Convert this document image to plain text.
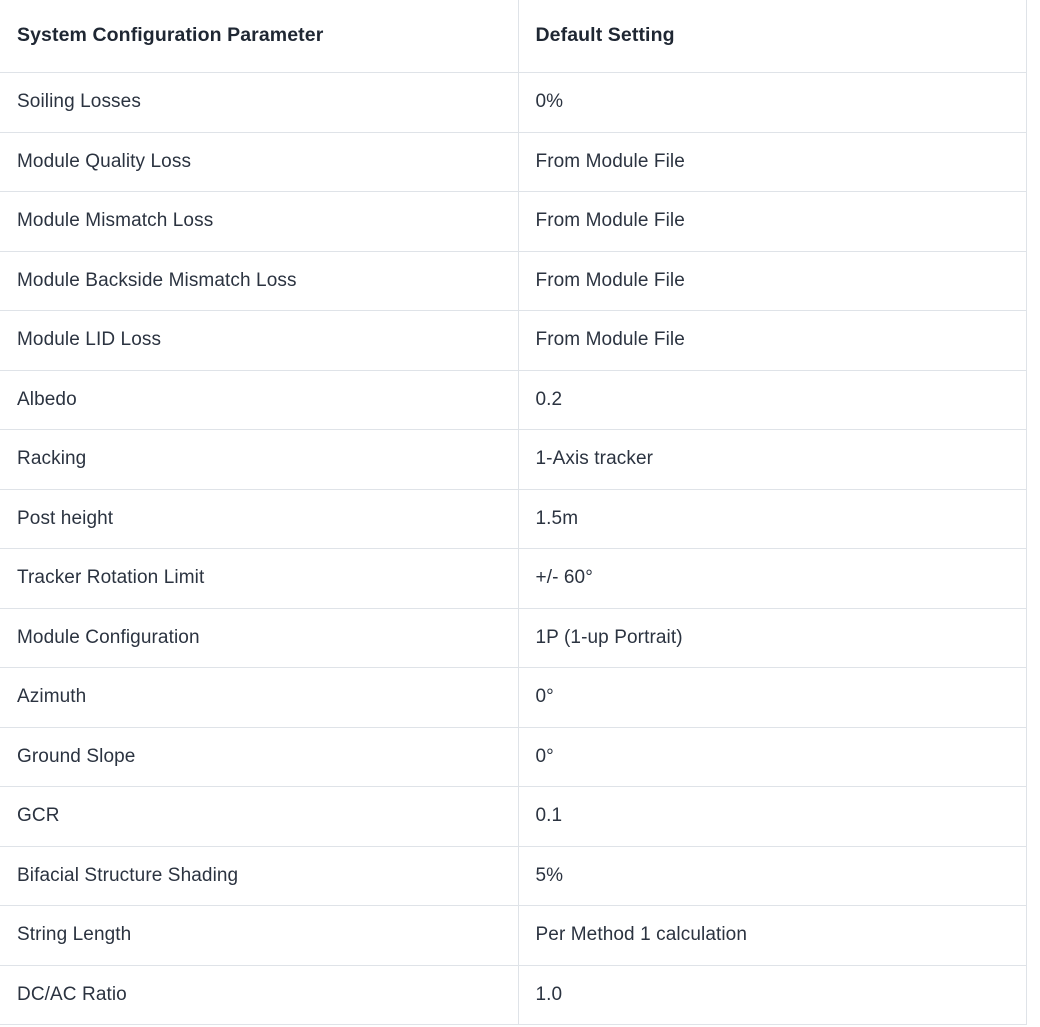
System Configuration Parameter	Default Setting
Soiling Losses	0%
Module Quality Loss	From Module File
Module Mismatch Loss	From Module File
Module Backside Mismatch Loss	From Module File
Module LID Loss	From Module File
Albedo	0.2
Racking	1-Axis tracker
Post height	1.5m
Tracker Rotation Limit	+/- 60°
Module Configuration	1P (1-up Portrait)
Azimuth	0°
Ground Slope	0°
GCR	0.1
Bifacial Structure Shading	5%
String Length	Per Method 1 calculation
DC/AC Ratio	1.0
